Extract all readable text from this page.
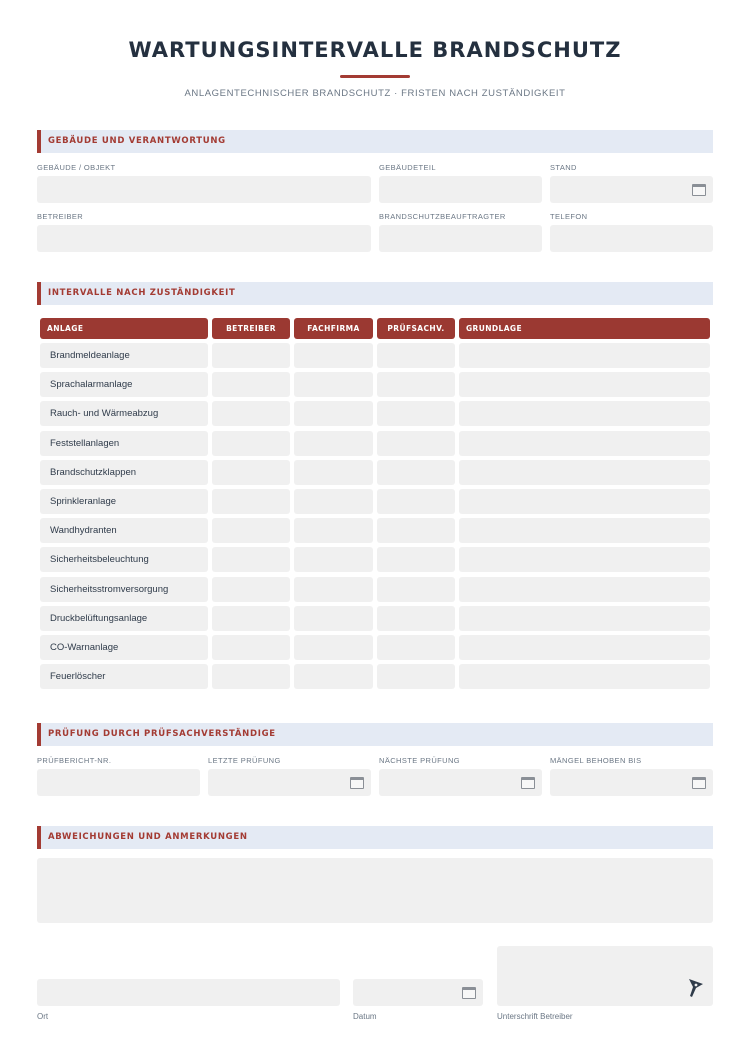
WARTUNGSINTERVALLE BRANDSCHUTZ
ANLAGENTECHNISCHER BRANDSCHUTZ · FRISTEN NACH ZUSTÄNDIGKEIT
GEBÄUDE UND VERANTWORTUNG
GEBÄUDE / OBJEKT	GEBÄUDETEIL	STAND
BETREIBER	BRANDSCHUTZBEAUFTRAGTER	TELEFON
INTERVALLE NACH ZUSTÄNDIGKEIT
ANLAGE	BETREIBER	FACHFIRMA	PRÜFSACHV.	GRUNDLAGE
Brandmeldeanlage
Sprachalarmanlage
Rauch- und Wärmeabzug
Feststellanlagen
Brandschutzklappen
Sprinkleranlage
Wandhydranten
Sicherheitsbeleuchtung
Sicherheitsstromversorgung
Druckbelüftungsanlage
CO-Warnanlage
Feuerlöscher
PRÜFUNG DURCH PRÜFSACHVERSTÄNDIGE
PRÜFBERICHT-NR.	LETZTE PRÜFUNG	NÄCHSTE PRÜFUNG	MÄNGEL BEHOBEN BIS
ABWEICHUNGEN UND ANMERKUNGEN
Ort	Datum	Unterschrift Betreiber
